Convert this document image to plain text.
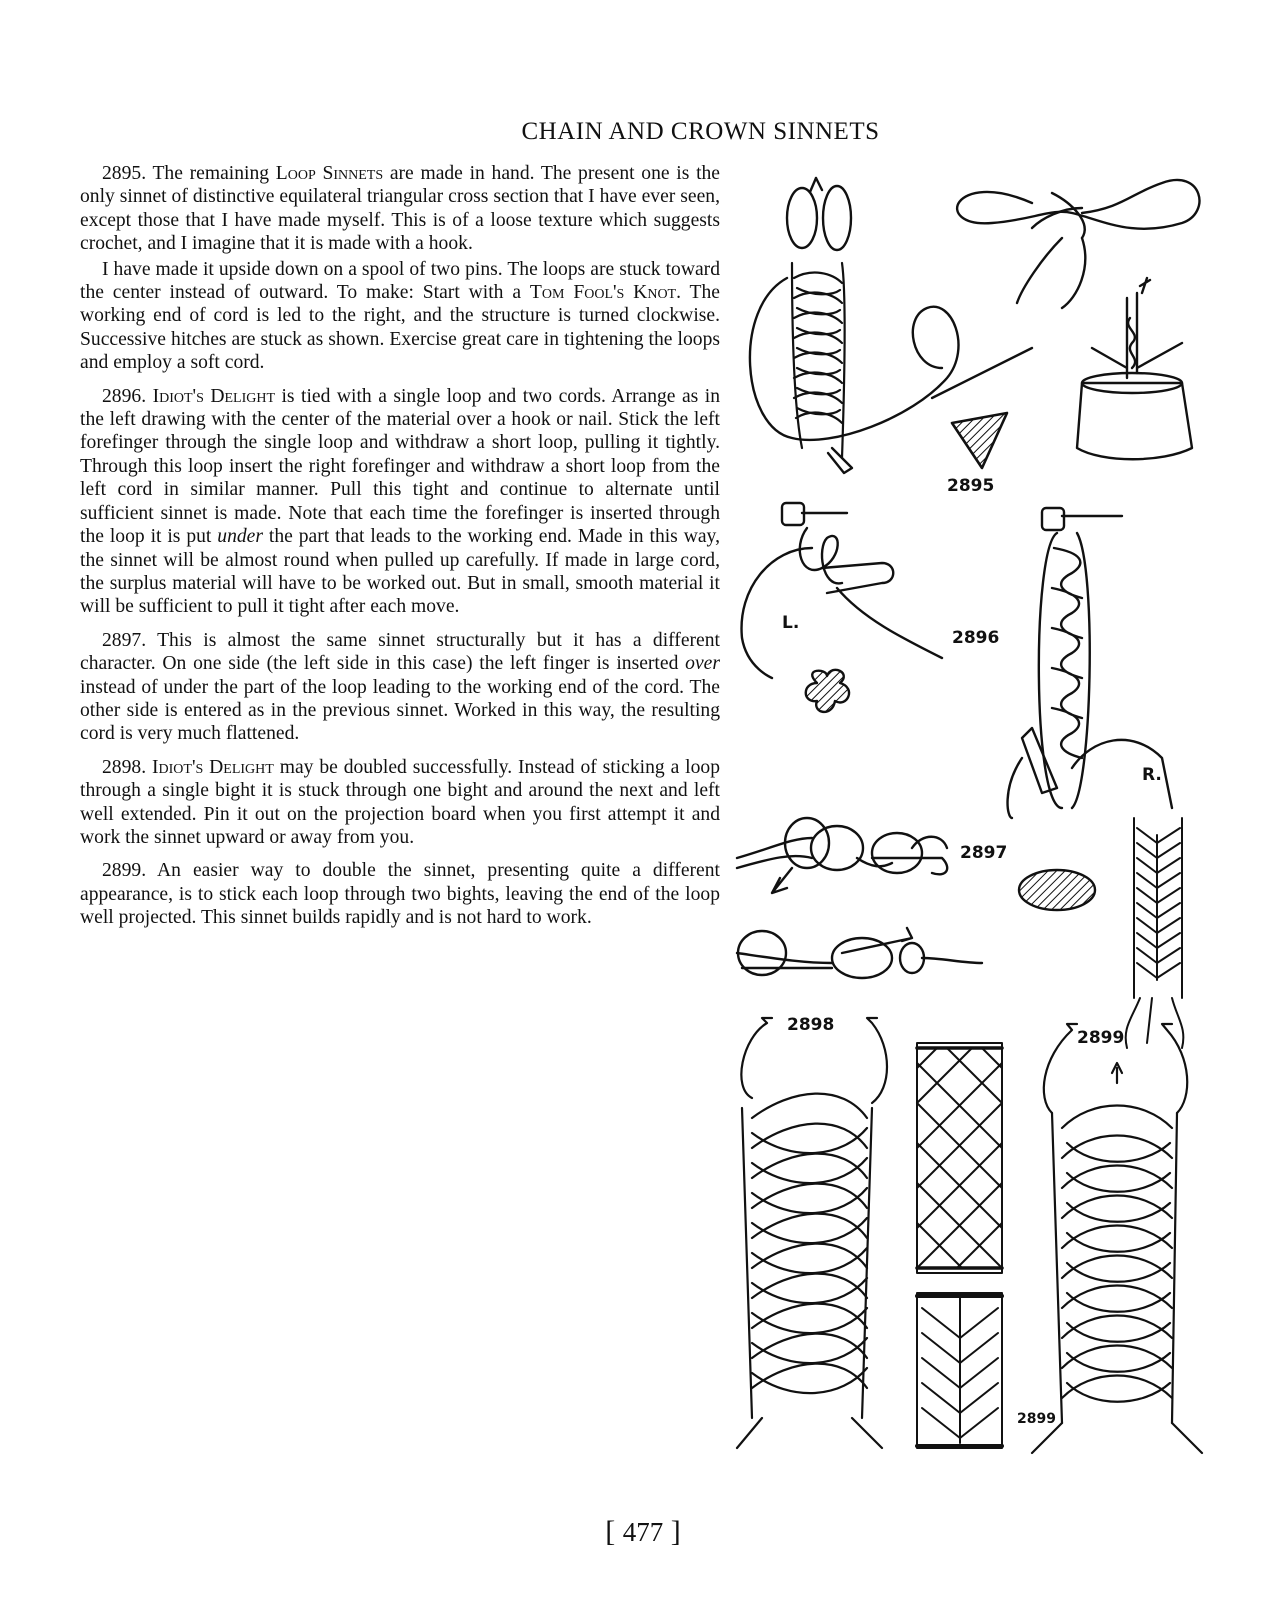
CHAIN AND CROWN SINNETS

2895. The remaining Loop Sinnets are made in hand. The present one is the only sinnet of distinctive equilateral triangular cross section that I have ever seen, except those that I have made myself. This is of a loose texture which suggests crochet, and I imagine that it is made with a hook.

I have made it upside down on a spool of two pins. The loops are stuck toward the center instead of outward. To make: Start with a Tom Fool's Knot. The working end of cord is led to the right, and the structure is turned clockwise. Successive hitches are stuck as shown. Exercise great care in tightening the loops and employ a soft cord.

2896. Idiot's Delight is tied with a single loop and two cords. Arrange as in the left drawing with the center of the material over a hook or nail. Stick the left forefinger through the single loop and withdraw a short loop, pulling it tightly. Through this loop insert the right forefinger and withdraw a short loop from the left cord in similar manner. Pull this tight and continue to alternate until sufficient sinnet is made. Note that each time the forefinger is inserted through the loop it is put under the part that leads to the working end. Made in this way, the sinnet will be almost round when pulled up carefully. If made in large cord, the surplus material will have to be worked out. But in small, smooth material it will be sufficient to pull it tight after each move.

2897. This is almost the same sinnet structurally but it has a different character. On one side (the left side in this case) the left finger is inserted over instead of under the part of the loop leading to the working end of the cord. The other side is entered as in the previous sinnet. Worked in this way, the resulting cord is very much flattened.

2898. Idiot's Delight may be doubled successfully. Instead of sticking a loop through a single bight it is stuck through one bight and around the next and left well extended. Pin it out on the projection board when you first attempt it and work the sinnet upward or away from you.

2899. An easier way to double the sinnet, presenting quite a different appearance, is to stick each loop through two bights, leaving the end of the loop well projected. This sinnet builds rapidly and is not hard to work.

2895
L.
2896
R.
2897
2898
2899
2899
[ 477 ]
